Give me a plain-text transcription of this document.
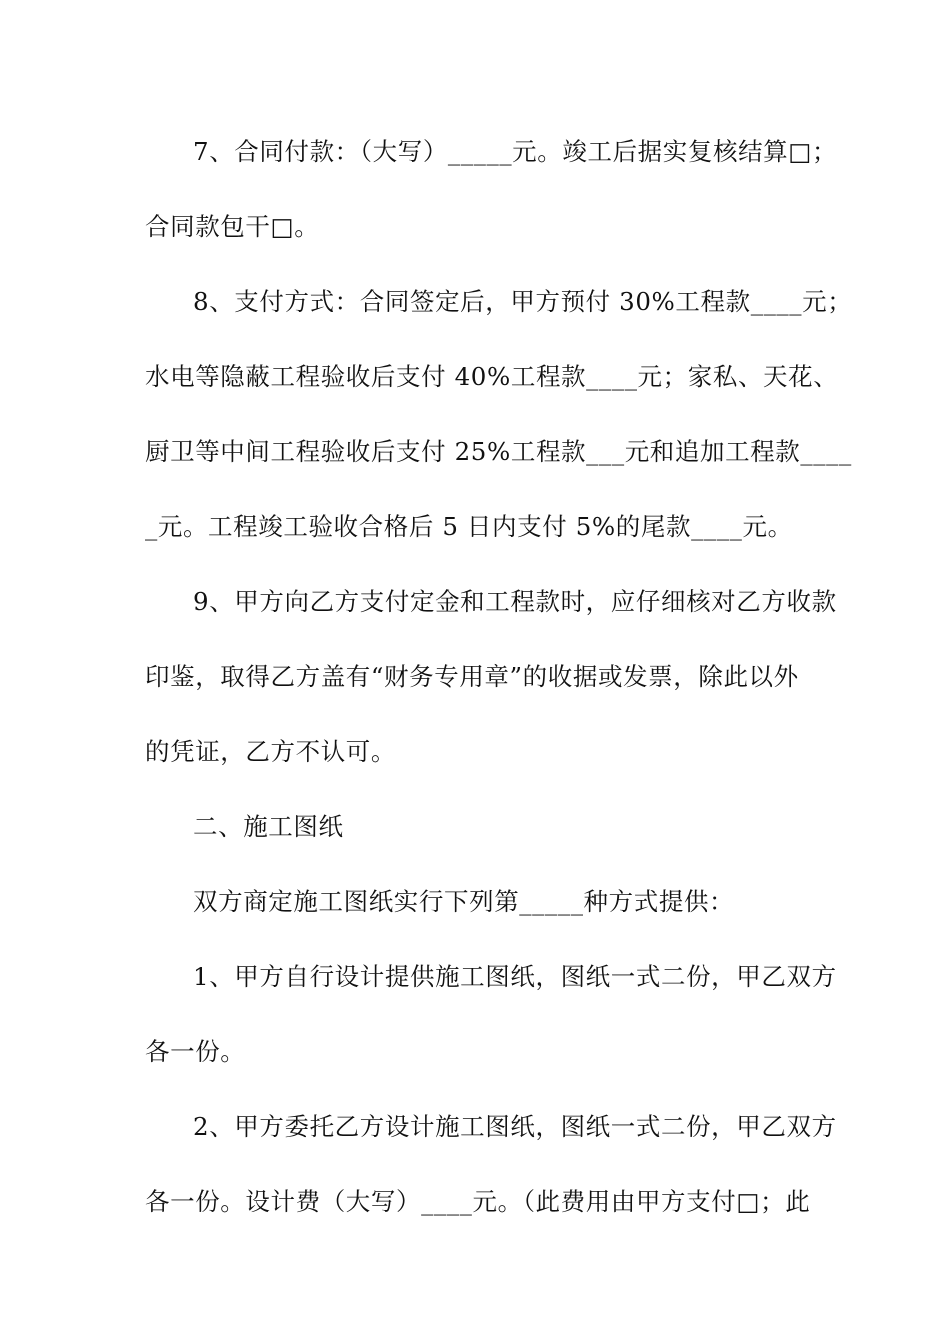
7、合同付款：（大写）_____元。竣工后据实复核结算□；
合同款包干□。
8、支付方式：合同签定后，甲方预付 30%工程款____元；
水电等隐蔽工程验收后支付 40%工程款____元；家私、天花、
厨卫等中间工程验收后支付 25%工程款___元和追加工程款____
_元。工程竣工验收合格后 5 日内支付 5%的尾款____元。
9、甲方向乙方支付定金和工程款时，应仔细核对乙方收款
印鉴，取得乙方盖有“财务专用章”的收据或发票，除此以外
的凭证，乙方不认可。
二、施工图纸
双方商定施工图纸实行下列第_____种方式提供：
1、甲方自行设计提供施工图纸，图纸一式二份，甲乙双方
各一份。
2、甲方委托乙方设计施工图纸，图纸一式二份，甲乙双方
各一份。设计费（大写）____元。（此费用由甲方支付□；此
